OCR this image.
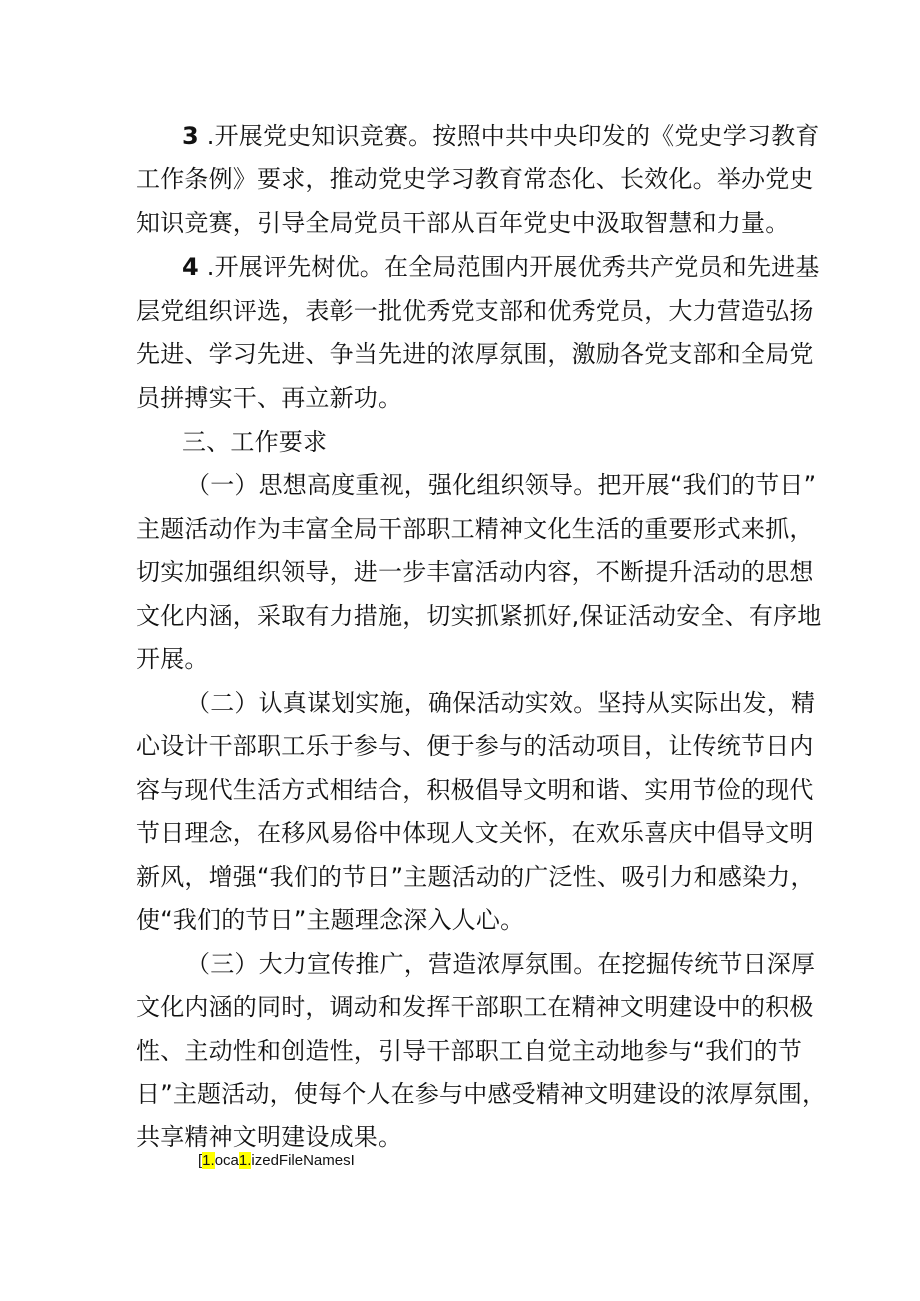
3 .开展党史知识竞赛。按照中共中央印发的《党史学习教育
工作条例》要求，推动党史学习教育常态化、长效化。举办党史
知识竞赛，引导全局党员干部从百年党史中汲取智慧和力量。
4 .开展评先树优。在全局范围内开展优秀共产党员和先进基
层党组织评选，表彰一批优秀党支部和优秀党员，大力营造弘扬
先进、学习先进、争当先进的浓厚氛围，激励各党支部和全局党
员拼搏实干、再立新功。
三、工作要求
（一）思想高度重视，强化组织领导。把开展“我们的节日”
主题活动作为丰富全局干部职工精神文化生活的重要形式来抓，
切实加强组织领导，进一步丰富活动内容，不断提升活动的思想
文化内涵，采取有力措施，切实抓紧抓好,保证活动安全、有序地
开展。
（二）认真谋划实施，确保活动实效。坚持从实际出发，精
心设计干部职工乐于参与、便于参与的活动项目，让传统节日内
容与现代生活方式相结合，积极倡导文明和谐、实用节俭的现代
节日理念，在移风易俗中体现人文关怀，在欢乐喜庆中倡导文明
新风，增强“我们的节日”主题活动的广泛性、吸引力和感染力，
使“我们的节日”主题理念深入人心。
（三）大力宣传推广，营造浓厚氛围。在挖掘传统节日深厚
文化内涵的同时，调动和发挥干部职工在精神文明建设中的积极
性、主动性和创造性，引导干部职工自觉主动地参与“我们的节
日”主题活动，使每个人在参与中感受精神文明建设的浓厚氛围，
共享精神文明建设成果。
[1.oca1.izedFileNamesI
